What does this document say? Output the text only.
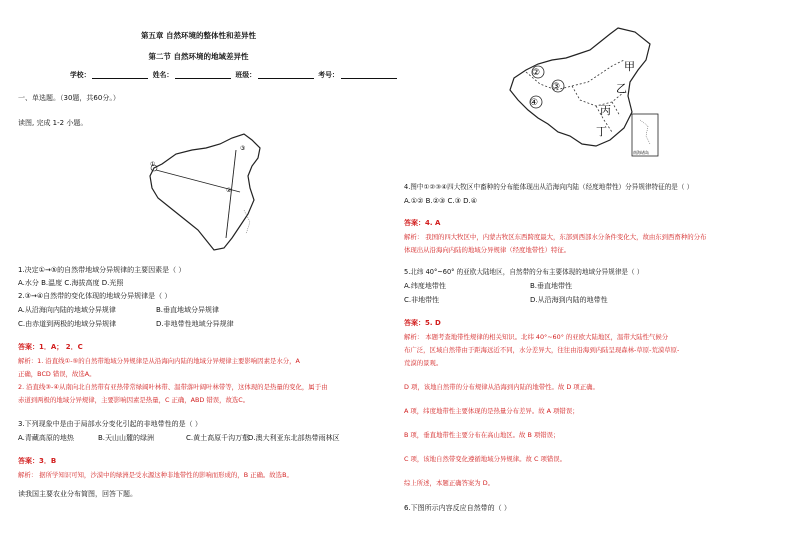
第五章 自然环境的整体性和差异性
第二节 自然环境的地域差异性
学校：	姓名：	班级：	考号：	②
③
④
甲
乙
丙
丁
南海诸岛
一、单选题。（30题，共60分。）
读图, 完成 1-2 小题。
①
③
②
1.决定①→⑤的自然带地域分异规律的主要因素是（ ）
A.水分 B.温度 C.海拔高度 D.光照
2.③→④自然带的变化体现的地域分异规律是（ ）
A.从沿海向内陆的地域分异规律	B.垂直地域分异规律
C.由赤道到两极的地域分异规律	D.非地带性地域分异规律
答案：1．A； 2．C
解析：1. 沿直线①-⑤的自然带地域分异规律是从沿海向内陆的地域分异规律主要影响因素是水分，A
正确，BCD 错误，故选A。
2. 沿直线③-④从南向北自然带有亚热带常绿阔叶林带、温带落叶阔叶林带等，这体现的是热量的变化，属于由
赤道到两极的地域分异规律，主要影响因素是热量，C 正确，ABD 错误，故选C。
3.下列现象中是由于局部水分变化引起的非地带性的是（ ）
A.青藏高原的地热	B.天山山麓的绿洲	C.黄土高原千沟万壑
D.澳大利亚东北部热带雨林区
答案：3．B
解析： 据所学知识可知，沙漠中的绿洲是受水源这种非地带性的影响而形成的，B 正确。故选B。
读我国主要农业分布简图，回答下题。
4.图中①②③④四大牧区中畜种的分布能体现出从沿海向内陆（经度地带性）分异规律特征的是（ ）
A.①② B.②③ C.③ D.④
答案：4. A
解析： 我国的四大牧区中，内蒙古牧区东西跨度最大，东部到西部水分条件变化大，故由东到西畜种的分布
体现出从沿海向内陆的地域分异规律（经度地带性）特征。
5.北纬 40°~60° 的亚欧大陆地区，自然带的分布主要体现的地域分异规律是（ ）
A.纬度地带性	B.垂直地带性
C.非地带性	D.从沿海到内陆的地带性
答案：5. D
解析： 本题考查地带性规律的相关知识。北纬 40°~60° 的亚欧大陆地区，温带大陆性气候分
布广泛，区域自然带由于距海远近不同，水分差异大，往往由沿海到内陆呈现森林-草原-荒漠草原-
荒漠的景观。
D 项，该地自然带的分布规律从沿海到内陆的地带性。故 D 项正确。
A 项，纬度地带性主要体现的是热量分布差异。故 A 项错误；
B 项，垂直地带性主要分布在高山地区。故 B 项错误；
C 项，该地自然带变化遵循地域分异规律。故 C 项错误。
综上所述，本题正确答案为 D。
6.下图所示内容反应自然带的（ ）
